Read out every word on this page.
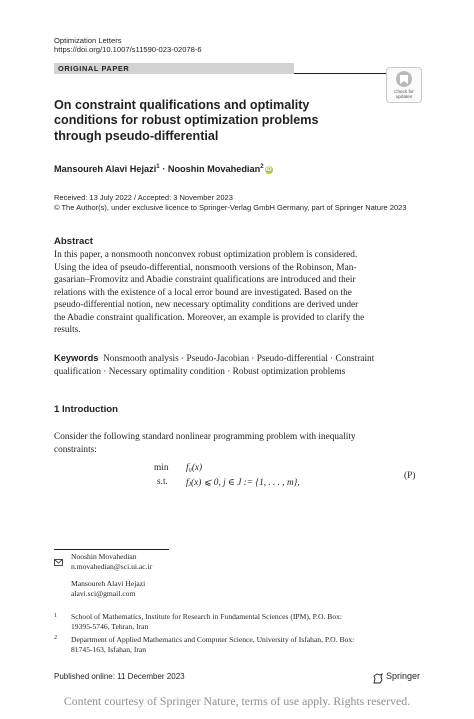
Optimization Letters
https://doi.org/10.1007/s11590-023-02078-6
ORIGINAL PAPER
Check for
updates
On constraint qualifications and optimality
conditions for robust optimization problems
through pseudo-differential
Mansoureh Alavi Hejazi$^1$ · Nooshin Movahedian$^2$iD
Received: 13 July 2022 / Accepted: 3 November 2023
© The Author(s), under exclusive licence to Springer-Verlag GmbH Germany, part of Springer Nature 2023
Abstract
In this paper, a nonsmooth nonconvex robust optimization problem is considered.
Using the idea of pseudo-differential, nonsmooth versions of the Robinson, Man-
gasarian–Fromovitz and Abadie constraint qualifications are introduced and their
relations with the existence of a local error bound are investigated. Based on the
pseudo-differential notion, new necessary optimality conditions are derived under
the Abadie constraint qualification. Moreover, an example is provided to clarify the
results.
Keywords Nonsmooth analysis · Pseudo-Jacobian · Pseudo-differential · Constraint
qualification · Necessary optimality condition · Robust optimization problems
1 Introduction
Consider the following standard nonlinear programming problem with inequality
constraints:
min f₀(x)
s.t. fⱼ(x) ⩽ 0, j ∈ J := {1, . . . , m},
(P)
Nooshin Movahedian
n.movahedian@sci.ui.ac.ir
Mansoureh Alavi Hejazi
alavi.sci@gmail.com
1 School of Mathematics, Institute for Research in Fundamental Sciences (IPM), P.O. Box:
19395-5746, Tehran, Iran
2 Department of Applied Mathematics and Computer Science, University of Isfahan, P.O. Box:
81745-163, Isfahan, Iran
Published online: 11 December 2023	Springer
Content courtesy of Springer Nature, terms of use apply. Rights reserved.
